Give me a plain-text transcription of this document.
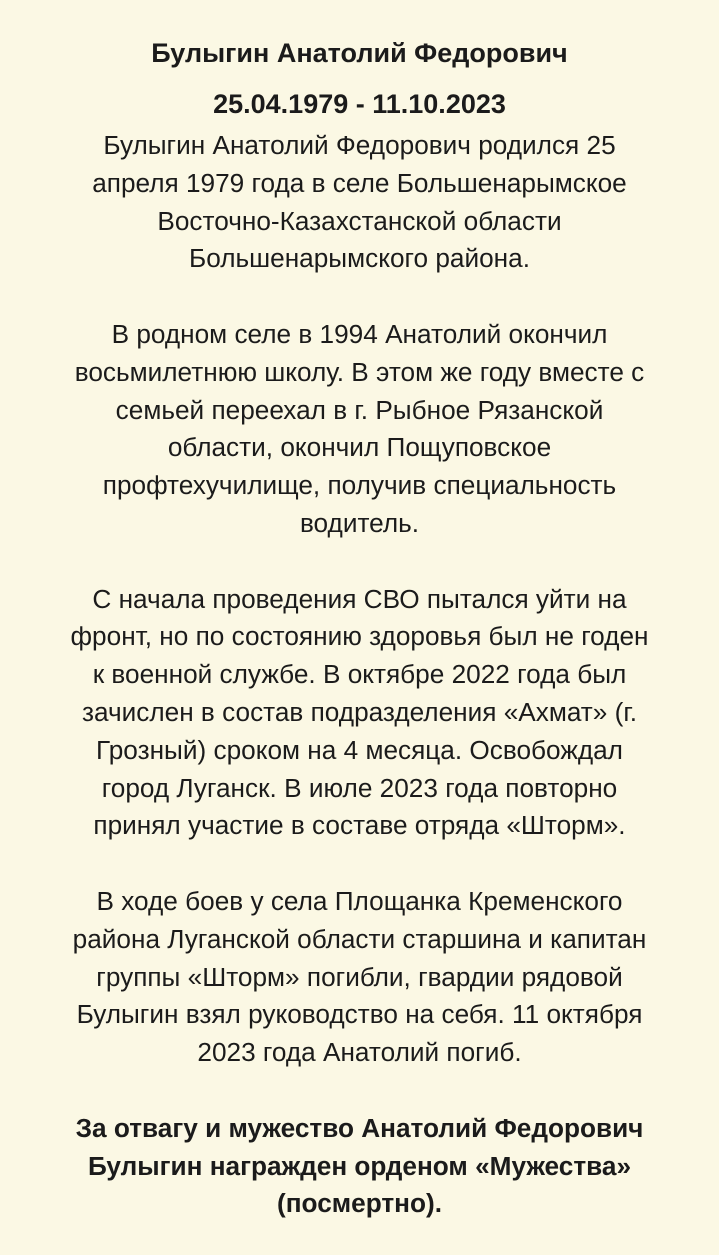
Булыгин Анатолий Федорович
25.04.1979 - 11.10.2023
Булыгин Анатолий Федорович родился 25
апреля 1979 года в селе Большенарымское
Восточно-Казахстанской области
Большенарымского района.
В родном селе в 1994 Анатолий окончил
восьмилетнюю школу. В этом же году вместе с
семьей переехал в г. Рыбное Рязанской
области, окончил Пощуповское
профтехучилище, получив специальность
водитель.
С начала проведения СВО пытался уйти на
фронт, но по состоянию здоровья был не годен
к военной службе. В октябре 2022 года был
зачислен в состав подразделения «Ахмат» (г.
Грозный) сроком на 4 месяца. Освобождал
город Луганск. В июле 2023 года повторно
принял участие в составе отряда «Шторм».
В ходе боев у села Площанка Кременского
района Луганской области старшина и капитан
группы «Шторм» погибли, гвардии рядовой
Булыгин взял руководство на себя. 11 октября
2023 года Анатолий погиб.
За отвагу и мужество Анатолий Федорович
Булыгин награжден орденом «Мужества»
(посмертно).
